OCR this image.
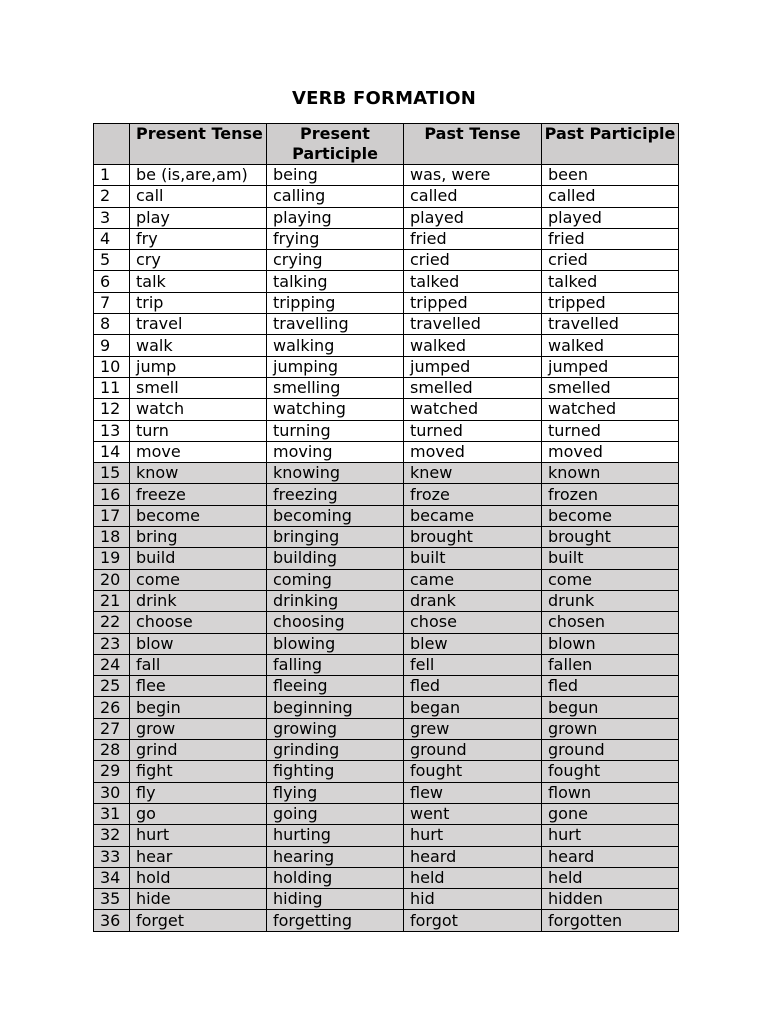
VERB FORMATION
	Present Tense	Present Participle	Past Tense	Past Participle
1	be (is,are,am)	being	was, were	been
2	call	calling	called	called
3	play	playing	played	played
4	fry	frying	fried	fried
5	cry	crying	cried	cried
6	talk	talking	talked	talked
7	trip	tripping	tripped	tripped
8	travel	travelling	travelled	travelled
9	walk	walking	walked	walked
10	jump	jumping	jumped	jumped
11	smell	smelling	smelled	smelled
12	watch	watching	watched	watched
13	turn	turning	turned	turned
14	move	moving	moved	moved
15	know	knowing	knew	known
16	freeze	freezing	froze	frozen
17	become	becoming	became	become
18	bring	bringing	brought	brought
19	build	building	built	built
20	come	coming	came	come
21	drink	drinking	drank	drunk
22	choose	choosing	chose	chosen
23	blow	blowing	blew	blown
24	fall	falling	fell	fallen
25	flee	fleeing	fled	fled
26	begin	beginning	began	begun
27	grow	growing	grew	grown
28	grind	grinding	ground	ground
29	fight	fighting	fought	fought
30	fly	flying	flew	flown
31	go	going	went	gone
32	hurt	hurting	hurt	hurt
33	hear	hearing	heard	heard
34	hold	holding	held	held
35	hide	hiding	hid	hidden
36	forget	forgetting	forgot	forgotten
